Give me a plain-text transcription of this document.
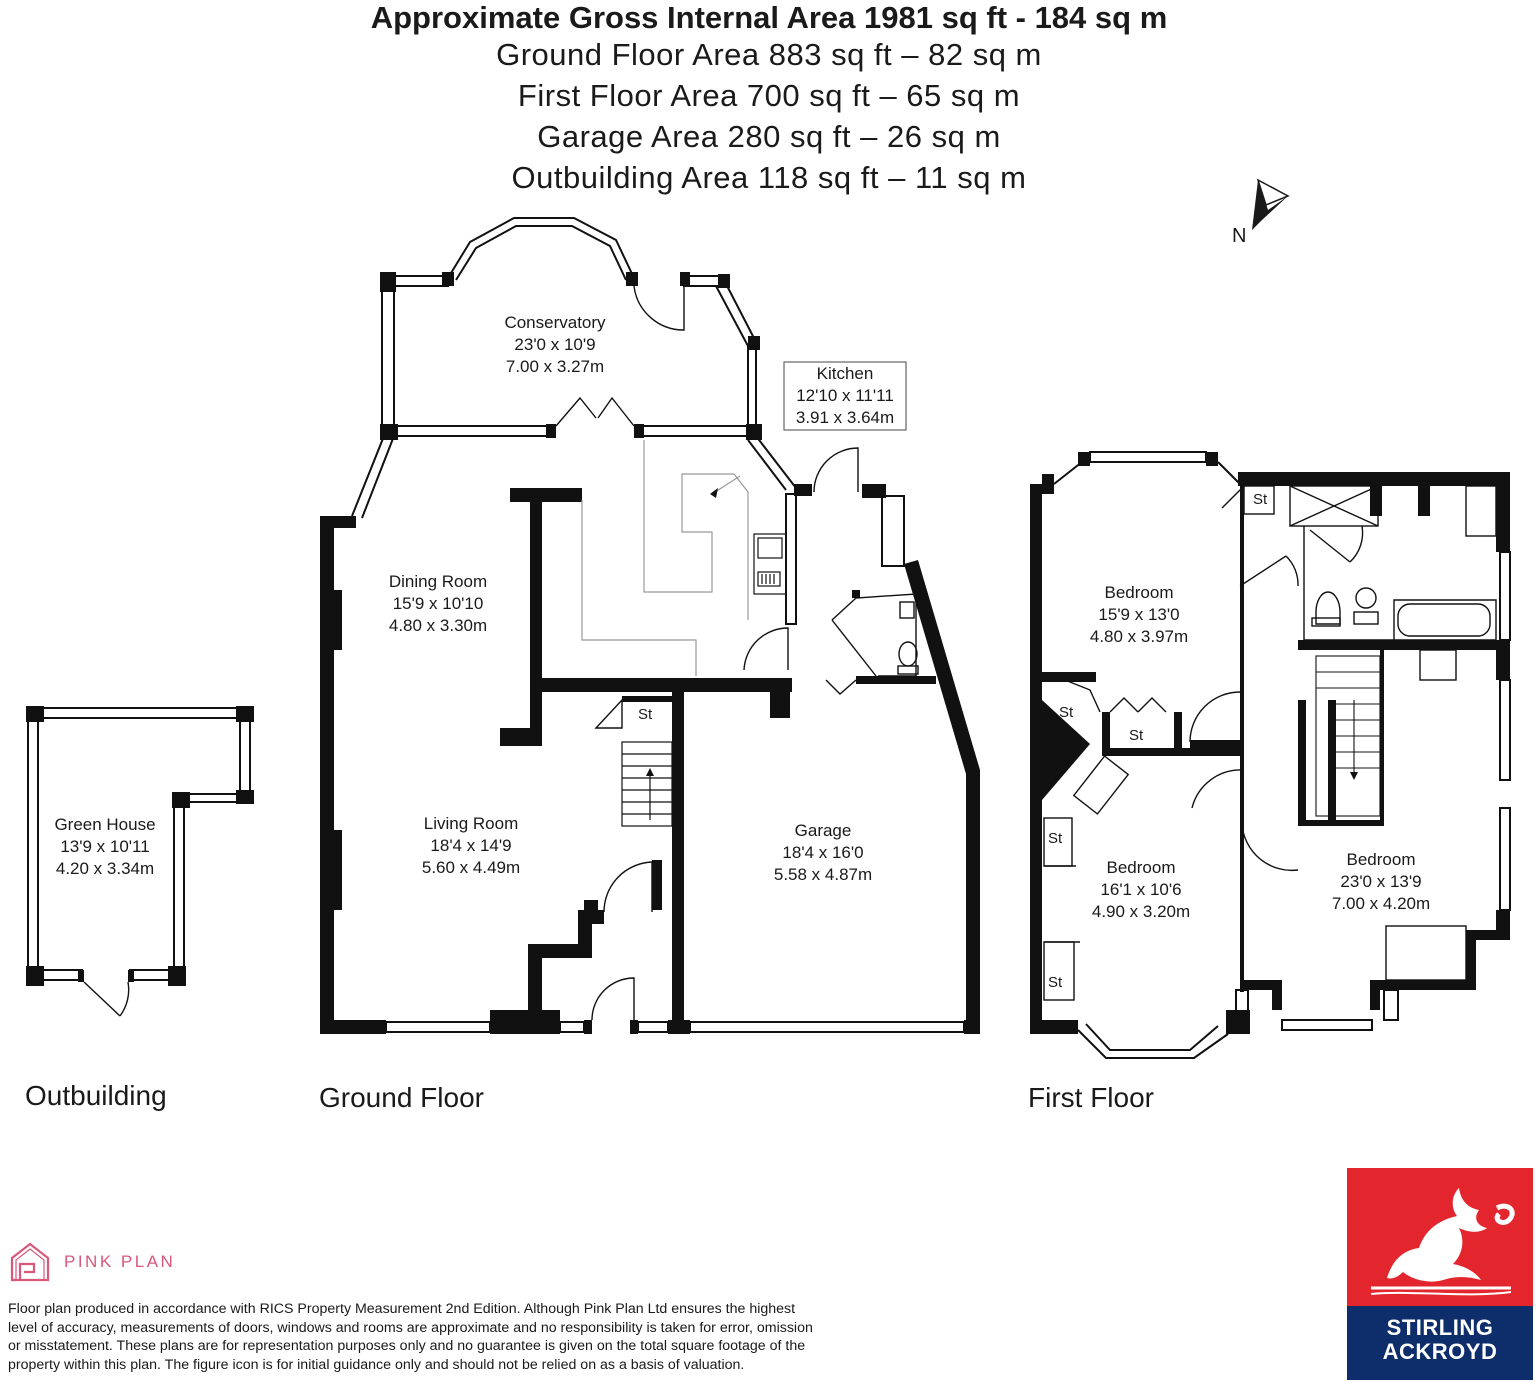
Approximate Gross Internal Area 1981 sq ft - 184 sq m
Ground Floor Area 883 sq ft – 82 sq m
First Floor Area 700 sq ft – 65 sq m
Garage Area 280 sq ft – 26 sq m
Outbuilding Area 118 sq ft – 11 sq m
N
Conservatory
23'0 x 10'9
7.00 x 3.27m	Kitchen
12'10 x 11'11
3.91 x 3.64m
Dining Room
15'9 x 10'10
4.80 x 3.30m
Living Room
18'4 x 14'9
5.60 x 4.49m
Garage
18'4 x 16'0
5.58 x 4.87m
Green House
13'9 x 10'11
4.20 x 3.34m
Bedroom
15'9 x 13'0
4.80 x 3.97m
Bedroom
16'1 x 10'6
4.90 x 3.20m
Bedroom
23'0 x 13'9
7.00 x 4.20m
St
St
St
St
St
St
Outbuilding	Ground Floor	First Floor
PINK PLAN
Floor plan produced in accordance with RICS Property Measurement 2nd Edition. Although Pink Plan Ltd ensures the highest
level of accuracy, measurements of doors, windows and rooms are approximate and no responsibility is taken for error, omission
or misstatement. These plans are for representation purposes only and no guarantee is given on the total square footage of the
property within this plan. The figure icon is for initial guidance only and should not be relied on as a basis of valuation.
STIRLING
ACKROYD
